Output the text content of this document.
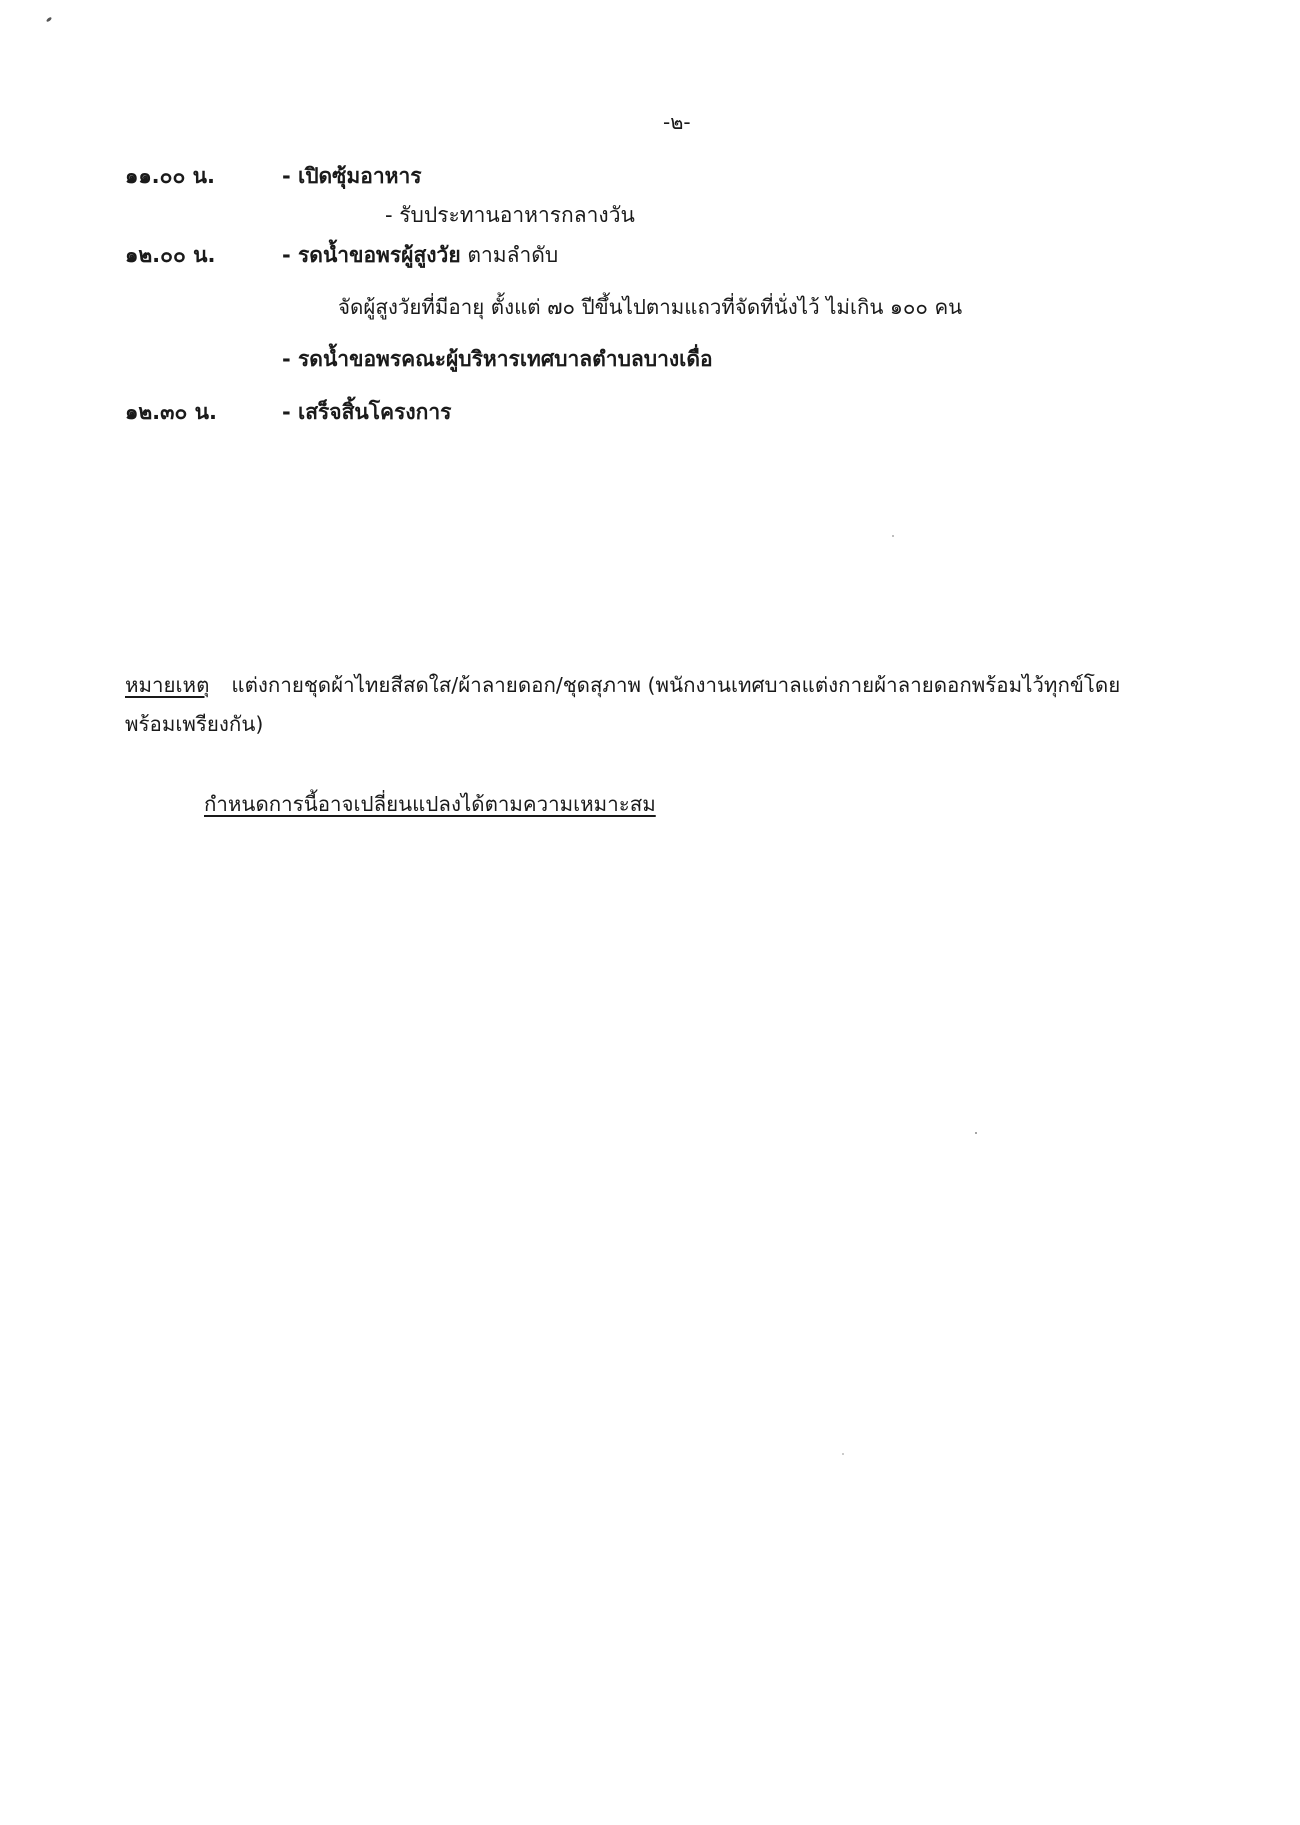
-๒-
๑๑.๐๐ น.	- เปิดซุ้มอาหาร
- รับประทานอาหารกลางวัน
๑๒.๐๐ น.	- รดน้ำขอพรผู้สูงวัย ตามลำดับ
จัดผู้สูงวัยที่มีอายุ ตั้งแต่ ๗๐ ปีขึ้นไปตามแถวที่จัดที่นั่งไว้ ไม่เกิน ๑๐๐ คน
- รดน้ำขอพรคณะผู้บริหารเทศบาลตำบลบางเดื่อ
๑๒.๓๐ น.	- เสร็จสิ้นโครงการ
หมายเหตุ แต่งกายชุดผ้าไทยสีสดใส/ผ้าลายดอก/ชุดสุภาพ (พนักงานเทศบาลแต่งกายผ้าลายดอกพร้อมไว้ทุกข์โดย
พร้อมเพรียงกัน)
กำหนดการนี้อาจเปลี่ยนแปลงได้ตามความเหมาะสม
